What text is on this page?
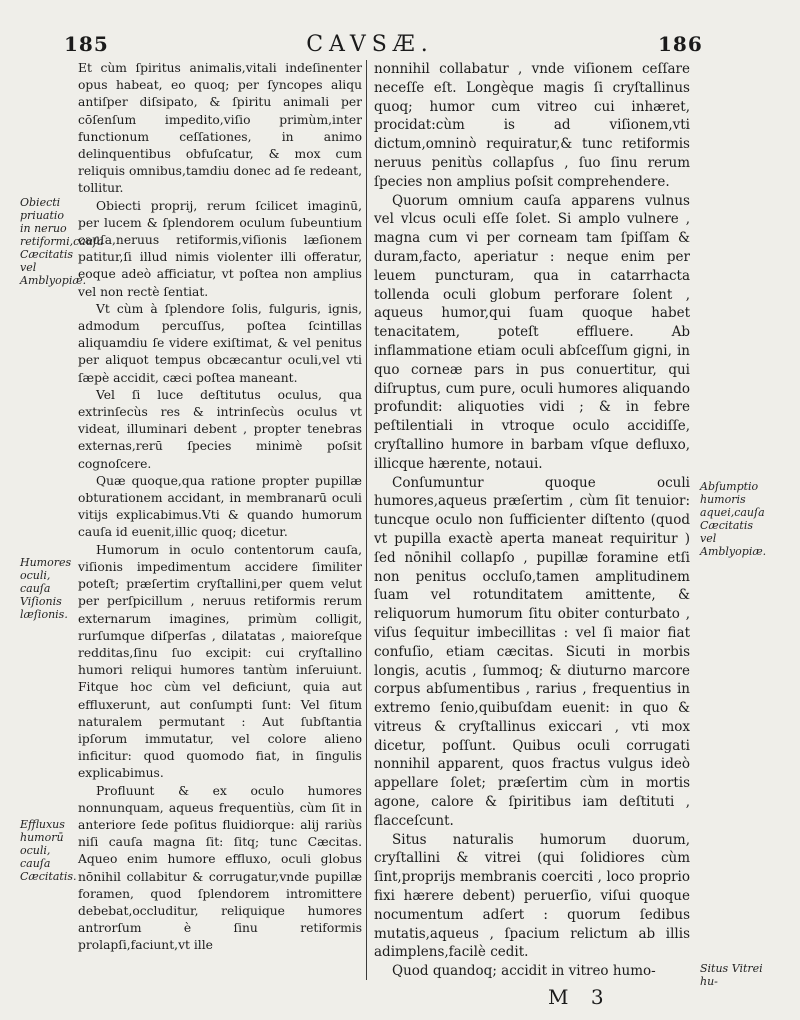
185	CAVSÆ.	186

Et cùm ſpiritus animalis,vitali indeſinenter opus habeat, eo quoq; per ſyncopes aliqu antiſper diſsipato, & ſpiritu animali per cōſenſum impedito,viſio primùm,inter functionum ceſſationes, in animo delinquentibus obfuſcatur, & mox cum reliquis omnibus,tamdiu donec ad ſe redeant, tollitur.

Obiecti proprij, rerum ſcilicet imaginū, per lucem & ſplendorem oculum ſubeuntium cauſa,neruus retiformis,viſionis læſionem patitur,ſi illud nimis violenter illi offeratur, eoque adeò afficiatur, vt poſtea non amplius vel non rectè ſentiat.

Vt cùm à ſplendore ſolis, fulguris, ignis, admodum percuſſus, poſtea ſcintillas aliquamdiu ſe videre exiſtimat, & vel penitus per aliquot tempus obcæcantur oculi,vel vti ſæpè accidit, cæci poſtea maneant.

Vel ſi luce deſtitutus oculus, qua extrinſecùs res & intrinſecùs oculus vt videat, illuminari debent , propter tenebras externas,rerū ſpecies minimè poſsit cognoſcere.

Quæ quoque,qua ratione propter pupillæ obturationem accidant, in membranarū oculi vitijs explicabimus.Vti & quando humorum cauſa id euenit,illic quoq; dicetur.

Humorum in oculo contentorum cauſa, viſionis impedimentum accidere ſimiliter poteſt; præſertim cryſtallini,per quem velut per perſpicillum , neruus retiformis rerum externarum imagines, primùm colligit, rurſumque diſperſas , dilatatas , maioreſque redditas,ſinu ſuo excipit: cui cryſtallino humori reliqui humores tantùm inſeruiunt. Fitque hoc cùm vel deficiunt, quia aut effluxerunt, aut conſumpti ſunt: Vel ſitum naturalem permutant : Aut ſubſtantia ipſorum immutatur, vel colore alieno inficitur: quod quomodo fiat, in ſingulis explicabimus.

Profluunt & ex oculo humores nonnunquam, aqueus frequentiùs, cùm ſit in anteriore ſede poſitus fluidiorque: alij rariùs niſi cauſa magna ſit: ſitq; tunc Cæcitas. Aqueo enim humore effluxo, oculi globus nōnihil collabitur & corrugatur,vnde pupillæ foramen, quod ſplendorem intromittere debebat,occluditur, reliquique humores antrorſum è ſinu retiformis prolapſi,faciunt,vt ille

nonnihil collabatur , vnde viſionem ceſſare neceſſe eſt. Longèque magis ſi cryſtallinus quoq; humor cum vitreo cui inhæret, procidat:cùm is ad viſionem,vti dictum,omninò requiratur,& tunc retiformis neruus penitùs collapſus , ſuo ſinu rerum ſpecies non amplius poſsit comprehendere.

Quorum omnium cauſa apparens vulnus vel vlcus oculi eſſe ſolet. Si amplo vulnere , magna cum vi per corneam tam ſpiſſam & duram,facto, aperiatur : neque enim per leuem puncturam, qua in catarrhacta tollenda oculi globum perforare ſolent , aqueus humor,qui ſuam quoque habet tenacitatem, poteſt effluere. Ab inflammatione etiam oculi abſceſſum gigni, in quo corneæ pars in pus conuertitur, qui diſruptus, cum pure, oculi humores aliquando profundit: aliquoties vidi ; & in febre peſtilentiali in vtroque oculo accidiſſe, cryſtallino humore in barbam vſque defluxo, illicque hærente, notaui.

Conſumuntur quoque oculi humores,aqueus præſertim , cùm ſit tenuior: tuncque oculo non ſufficienter diſtento (quod vt pupilla exactè aperta maneat requiritur ) ſed nōnihil collapſo , pupillæ foramine etſi non penitus occluſo,tamen amplitudinem ſuam vel rotunditatem amittente, & reliquorum humorum ſitu obiter conturbato , viſus ſequitur imbecillitas : vel ſi maior fiat confuſio, etiam cæcitas. Sicuti in morbis longis, acutis , ſummoq; & diuturno marcore corpus abſumentibus , rarius , frequentius in extremo ſenio,quibuſdam euenit: in quo & vitreus & cryſtallinus exiccari , vti mox dicetur, poſſunt. Quibus oculi corrugati nonnihil apparent, quos fractus vulgus ideò appellare ſolet; præſertim cùm in mortis agone, calore & ſpiritibus iam deſtituti , flacceſcunt.

Situs naturalis humorum duorum, cryſtallini & vitrei (qui ſolidiores cùm ſint,proprijs membranis coerciti , loco proprio fixi hærere debent) peruerſio, viſui quoque nocumentum adſert : quorum ſedibus mutatis,aqueus , ſpacium relictum ab illis adimplens,facilè cedit.

Quod quandoq; accidit in vitreo humo-

Obiecti priuatio in neruo retiformi,cauſa Cæcitatis vel Amblyopiæ.
Humores oculi, cauſa Viſionis læſionis.
Effluxus humorū oculi, cauſa Cæcitatis.
Abſumptio humoris aquei,cauſa Cæcitatis vel Amblyopiæ.
Situs Vitrei hu-
M 3
